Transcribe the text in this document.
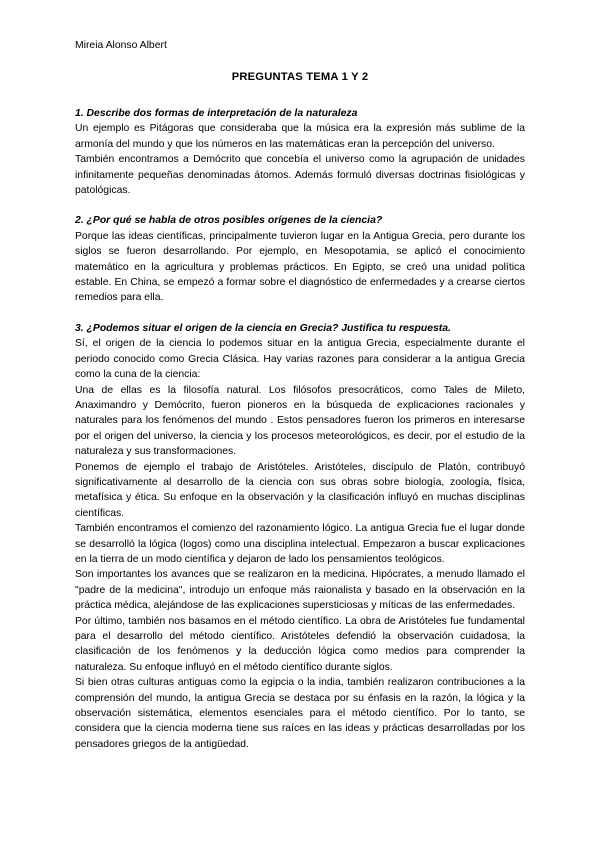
Mireia Alonso Albert
PREGUNTAS TEMA 1 Y 2

1. Describe dos formas de interpretación de la naturaleza

Un ejemplo es Pitágoras que consideraba que la música era la expresión más sublime de la armonía del mundo y que los números en las matemáticas eran la percepción del universo.

También encontramos a Demócrito que concebía el universo como la agrupación de unidades infinitamente pequeñas denominadas átomos. Además formuló diversas doctrinas fisiológicas y patológicas.

2. ¿Por qué se habla de otros posibles orígenes de la ciencia?

Porque las ideas científicas, principalmente tuvieron lugar en la Antigua Grecia, pero durante los siglos se fueron desarrollando. Por ejemplo, en Mesopotamia, se aplicó el conocimiento matemático en la agricultura y problemas prácticos. En Egipto, se creó una unidad política estable. En China, se empezó a formar sobre el diagnóstico de enfermedades y a crearse ciertos remedios para ella.

3. ¿Podemos situar el origen de la ciencia en Grecia? Justifica tu respuesta.

Sí, el origen de la ciencia lo podemos situar en la antigua Grecia, especialmente durante el periodo conocido como Grecia Clásica. Hay varias razones para considerar a la antigua Grecia como la cuna de la ciencia:

Una de ellas es la filosofía natural. Los filósofos presocráticos, como Tales de Mileto, Anaximandro y Demócrito, fueron pioneros en la búsqueda de explicaciones racionales y naturales para los fenómenos del mundo . Estos pensadores fueron los primeros en interesarse por el origen del universo, la ciencia y los procesos meteorológicos, es decir, por el estudio de la naturaleza y sus transformaciones.

Ponemos de ejemplo el trabajo de Aristóteles. Aristóteles, discípulo de Platón, contribuyó significativamente al desarrollo de la ciencia con sus obras sobre biología, zoología, física, metafísica y ética. Su enfoque en la observación y la clasificación influyó en muchas disciplinas científicas.

También encontramos el comienzo del razonamiento lógico. La antigua Grecia fue el lugar donde se desarrolló la lógica (logos) como una disciplina intelectual. Empezaron a buscar explicaciones en la tierra de un modo científica y dejaron de lado los pensamientos teológicos.

Son importantes los avances que se realizaron en la medicina. Hipócrates, a menudo llamado el "padre de la medicina", introdujo un enfoque más raionalista y basado en la observación en la práctica médica, alejándose de las explicaciones supersticiosas y míticas de las enfermedades.

Por último, también nos basamos en el método científico. La obra de Aristóteles fue fundamental para el desarrollo del método científico. Aristóteles defendió la observación cuidadosa, la clasificación de los fenómenos y la deducción lógica como medios para comprender la naturaleza. Su enfoque influyó en el método científico durante siglos.

Si bien otras culturas antiguas como la egipcia o la india, también realizaron contribuciones a la comprensión del mundo, la antigua Grecia se destaca por su énfasis en la razón, la lógica y la observación sistemática, elementos esenciales para el método científico. Por lo tanto, se considera que la ciencia moderna tiene sus raíces en las ideas y prácticas desarrolladas por los pensadores griegos de la antigüedad.
